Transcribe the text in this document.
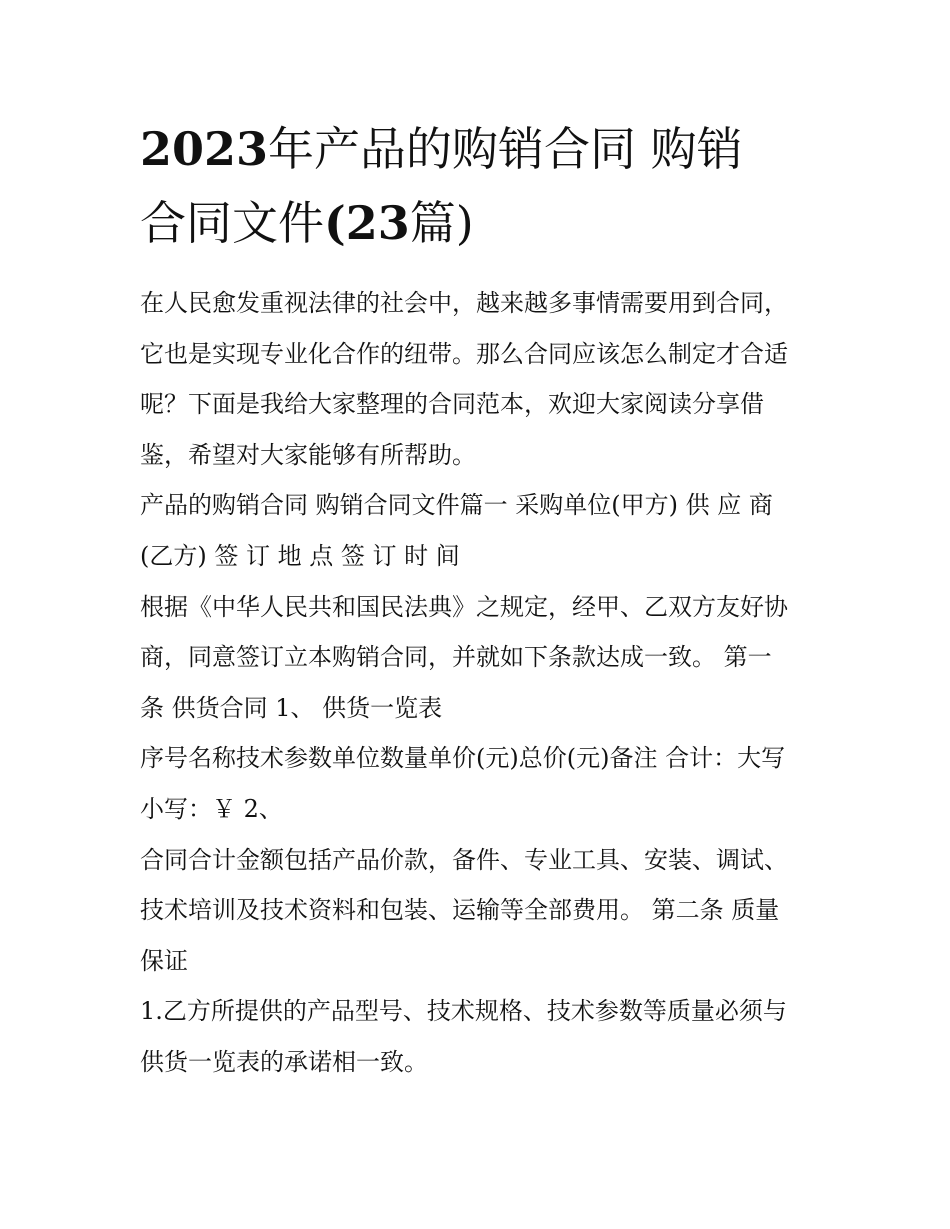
2023年产品的购销合同 购销
合同文件(23篇)
在人民愈发重视法律的社会中，越来越多事情需要用到合同，
它也是实现专业化合作的纽带。那么合同应该怎么制定才合适
呢？下面是我给大家整理的合同范本，欢迎大家阅读分享借
鉴，希望对大家能够有所帮助。
产品的购销合同 购销合同文件篇一 采购单位(甲方) 供 应 商
(乙方) 签 订 地 点 签 订 时 间
根据《中华人民共和国民法典》之规定，经甲、乙双方友好协
商，同意签订立本购销合同，并就如下条款达成一致。 第一
条 供货合同 1、 供货一览表
序号名称技术参数单位数量单价(元)总价(元)备注 合计：大写
小写：￥ 2、
合同合计金额包括产品价款，备件、专业工具、安装、调试、
技术培训及技术资料和包装、运输等全部费用。 第二条 质量
保证
1.乙方所提供的产品型号、技术规格、技术参数等质量必须与
供货一览表的承诺相一致。
